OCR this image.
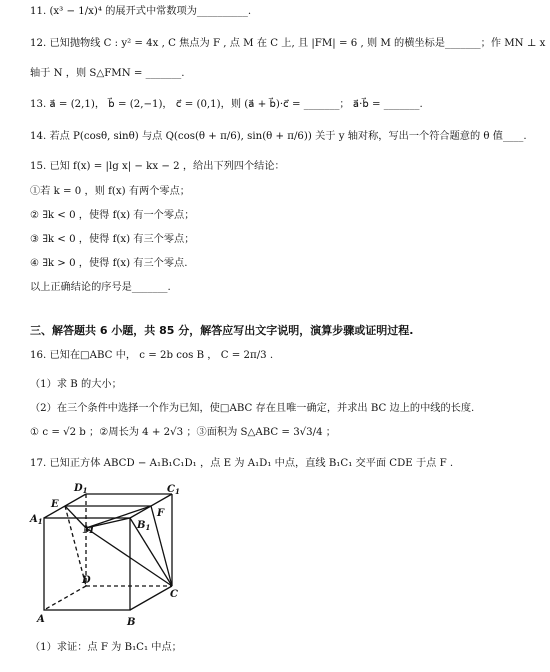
11. (x³ − 1/x)⁴ 的展开式中常数项为__________.
12. 已知抛物线 C : y² = 4x , C 焦点为 F , 点 M 在 C 上, 且 |FM| = 6 , 则 M 的横坐标是_______；作 MN ⊥ x
轴于 N ，则 S△FMN = _______.
13. a⃗ = (2,1)， b⃗ = (2,−1)， c⃗ = (0,1)，则 (a⃗ + b⃗)·c⃗ = _______； a⃗·b⃗ = _______.
14. 若点 P(cosθ, sinθ) 与点 Q(cos(θ + π/6), sin(θ + π/6)) 关于 y 轴对称，写出一个符合题意的 θ 值____.
15. 已知 f(x) = |lg x| − kx − 2 ，给出下列四个结论：
①若 k = 0 ，则 f(x) 有两个零点；
② ∃k < 0 ，使得 f(x) 有一个零点；
③ ∃k < 0 ，使得 f(x) 有三个零点；
④ ∃k > 0 ，使得 f(x) 有三个零点.
以上正确结论的序号是_______.
三、解答题共 6 小题，共 85 分，解答应写出文字说明，演算步骤或证明过程.
16. 已知在□ABC 中， c = 2b cos B ， C = 2π/3 .
（1）求 B 的大小；
（2）在三个条件中选择一个作为已知，使□ABC 存在且唯一确定，并求出 BC 边上的中线的长度.
① c = √2 b ；②周长为 4 + 2√3 ；③面积为 S△ABC = 3√3/4 ；
17. 已知正方体 ABCD − A₁B₁C₁D₁ ，点 E 为 A₁D₁ 中点，直线 B₁C₁ 交平面 CDE 于点 F .
$D_1$	$C_1$
E
$A_1$
M	$B_1$
F
D
C
A	B
（1）求证：点 F 为 B₁C₁ 中点；
